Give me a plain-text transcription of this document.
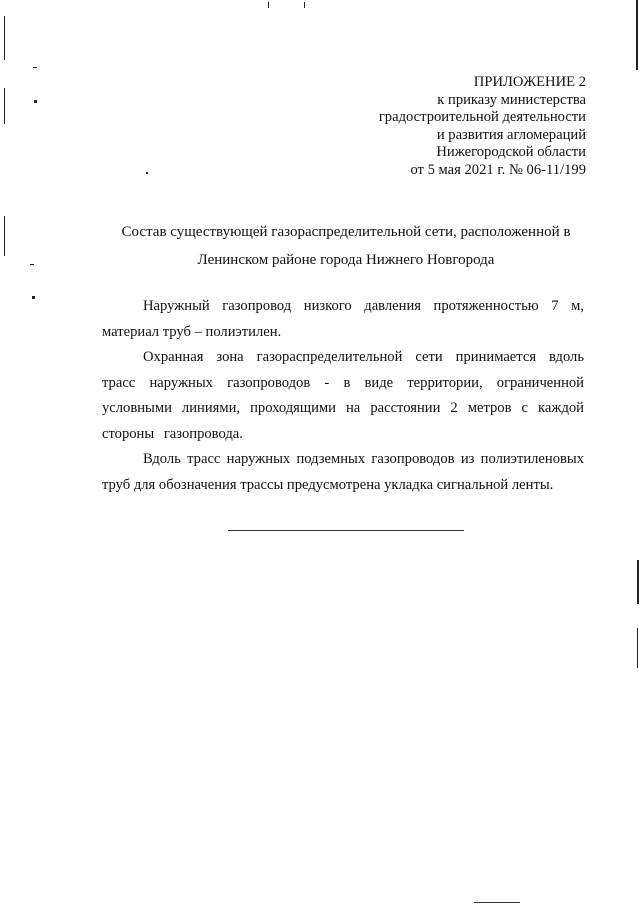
ПРИЛОЖЕНИЕ 2
к приказу министерства
градостроительной деятельности
и развития агломераций
Нижегородской области
от 5 мая 2021 г. № 06-11/199
Состав существующей газораспределительной сети, расположенной в
Ленинском районе города Нижнего Новгорода

Наружный газопровод низкого давления протяженностью 7 м, материал труб – полиэтилен.

Охранная зона газораспределительной сети принимается вдоль трасс наружных газопроводов - в виде территории, ограниченной условными линиями, проходящими на расстоянии 2 метров с каждой стороны газопровода.

Вдоль трасс наружных подземных газопроводов из полиэтиленовых труб для обозначения трассы предусмотрена укладка сигнальной ленты.
